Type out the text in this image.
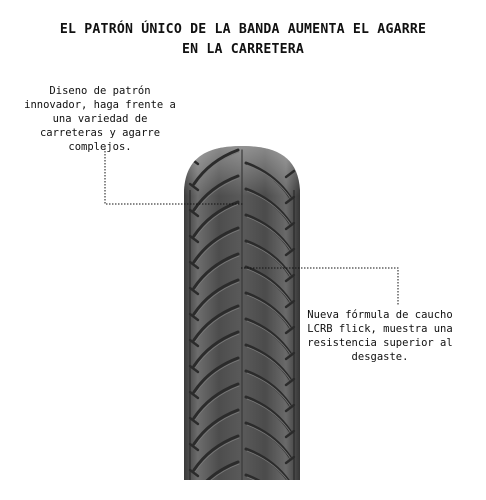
EL PATRÓN ÚNICO DE LA BANDA AUMENTA EL AGARRE
EN LA CARRETERA
Diseno de patrón
innovador, haga frente a
una variedad de
carreteras y agarre
complejos.
Nueva fórmula de caucho
LCRB flick, muestra una
resistencia superior al
desgaste.
